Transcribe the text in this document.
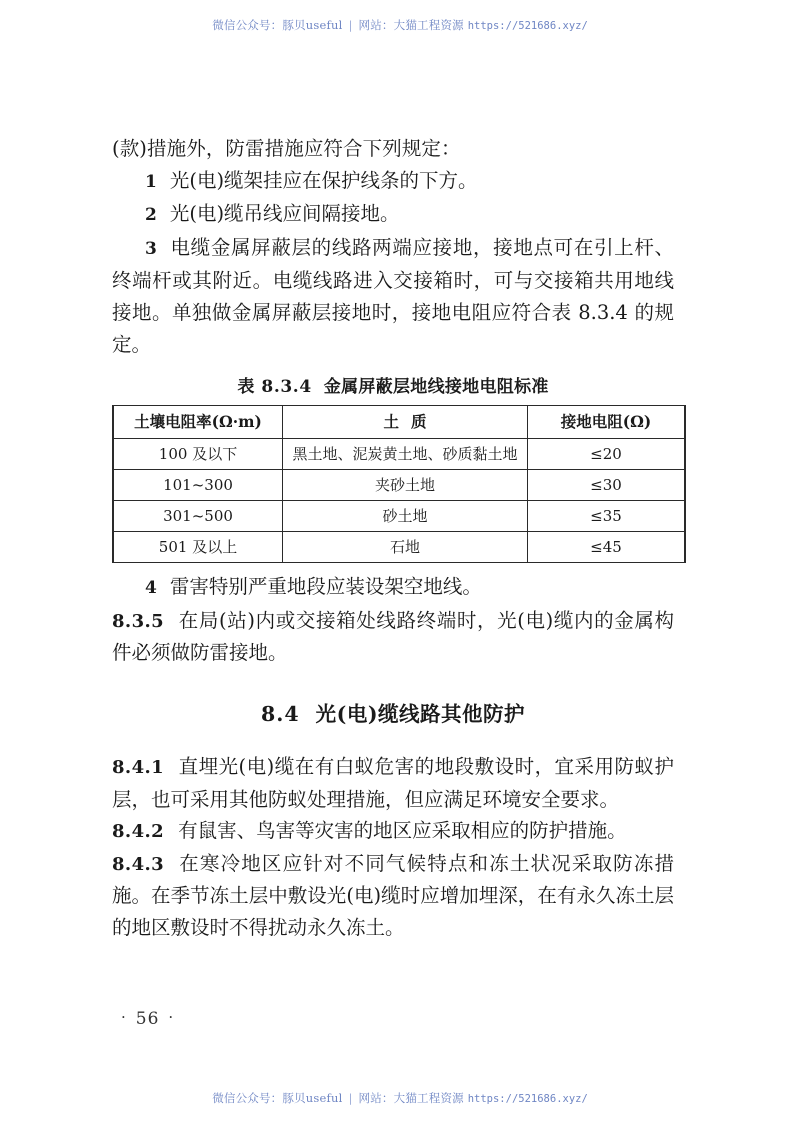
微信公众号：豚贝useful | 网站：大猫工程资源 https://521686.xyz/

(款)措施外，防雷措施应符合下列规定：

1 光(电)缆架挂应在保护线条的下方。

2 光(电)缆吊线应间隔接地。

3 电缆金属屏蔽层的线路两端应接地，接地点可在引上杆、终端杆或其附近。电缆线路进入交接箱时，可与交接箱共用地线接地。单独做金属屏蔽层接地时，接地电阻应符合表 8.3.4 的规定。

表 8.3.4 金属屏蔽层地线接地电阻标准

土壤电阻率(Ω·m)	土质	接地电阻(Ω)
100 及以下	黑土地、泥炭黄土地、砂质黏土地	≤20
101~300	夹砂土地	≤30
301~500	砂土地	≤35
501 及以上	石地	≤45

4 雷害特别严重地段应装设架空地线。

8.3.5 在局(站)内或交接箱处线路终端时，光(电)缆内的金属构件必须做防雷接地。

8.4 光(电)缆线路其他防护

8.4.1 直埋光(电)缆在有白蚁危害的地段敷设时，宜采用防蚁护层，也可采用其他防蚁处理措施，但应满足环境安全要求。

8.4.2 有鼠害、鸟害等灾害的地区应采取相应的防护措施。

8.4.3 在寒冷地区应针对不同气候特点和冻土状况采取防冻措施。在季节冻土层中敷设光(电)缆时应增加埋深，在有永久冻土层的地区敷设时不得扰动永久冻土。

· 56 ·
微信公众号：豚贝useful | 网站：大猫工程资源 https://521686.xyz/
